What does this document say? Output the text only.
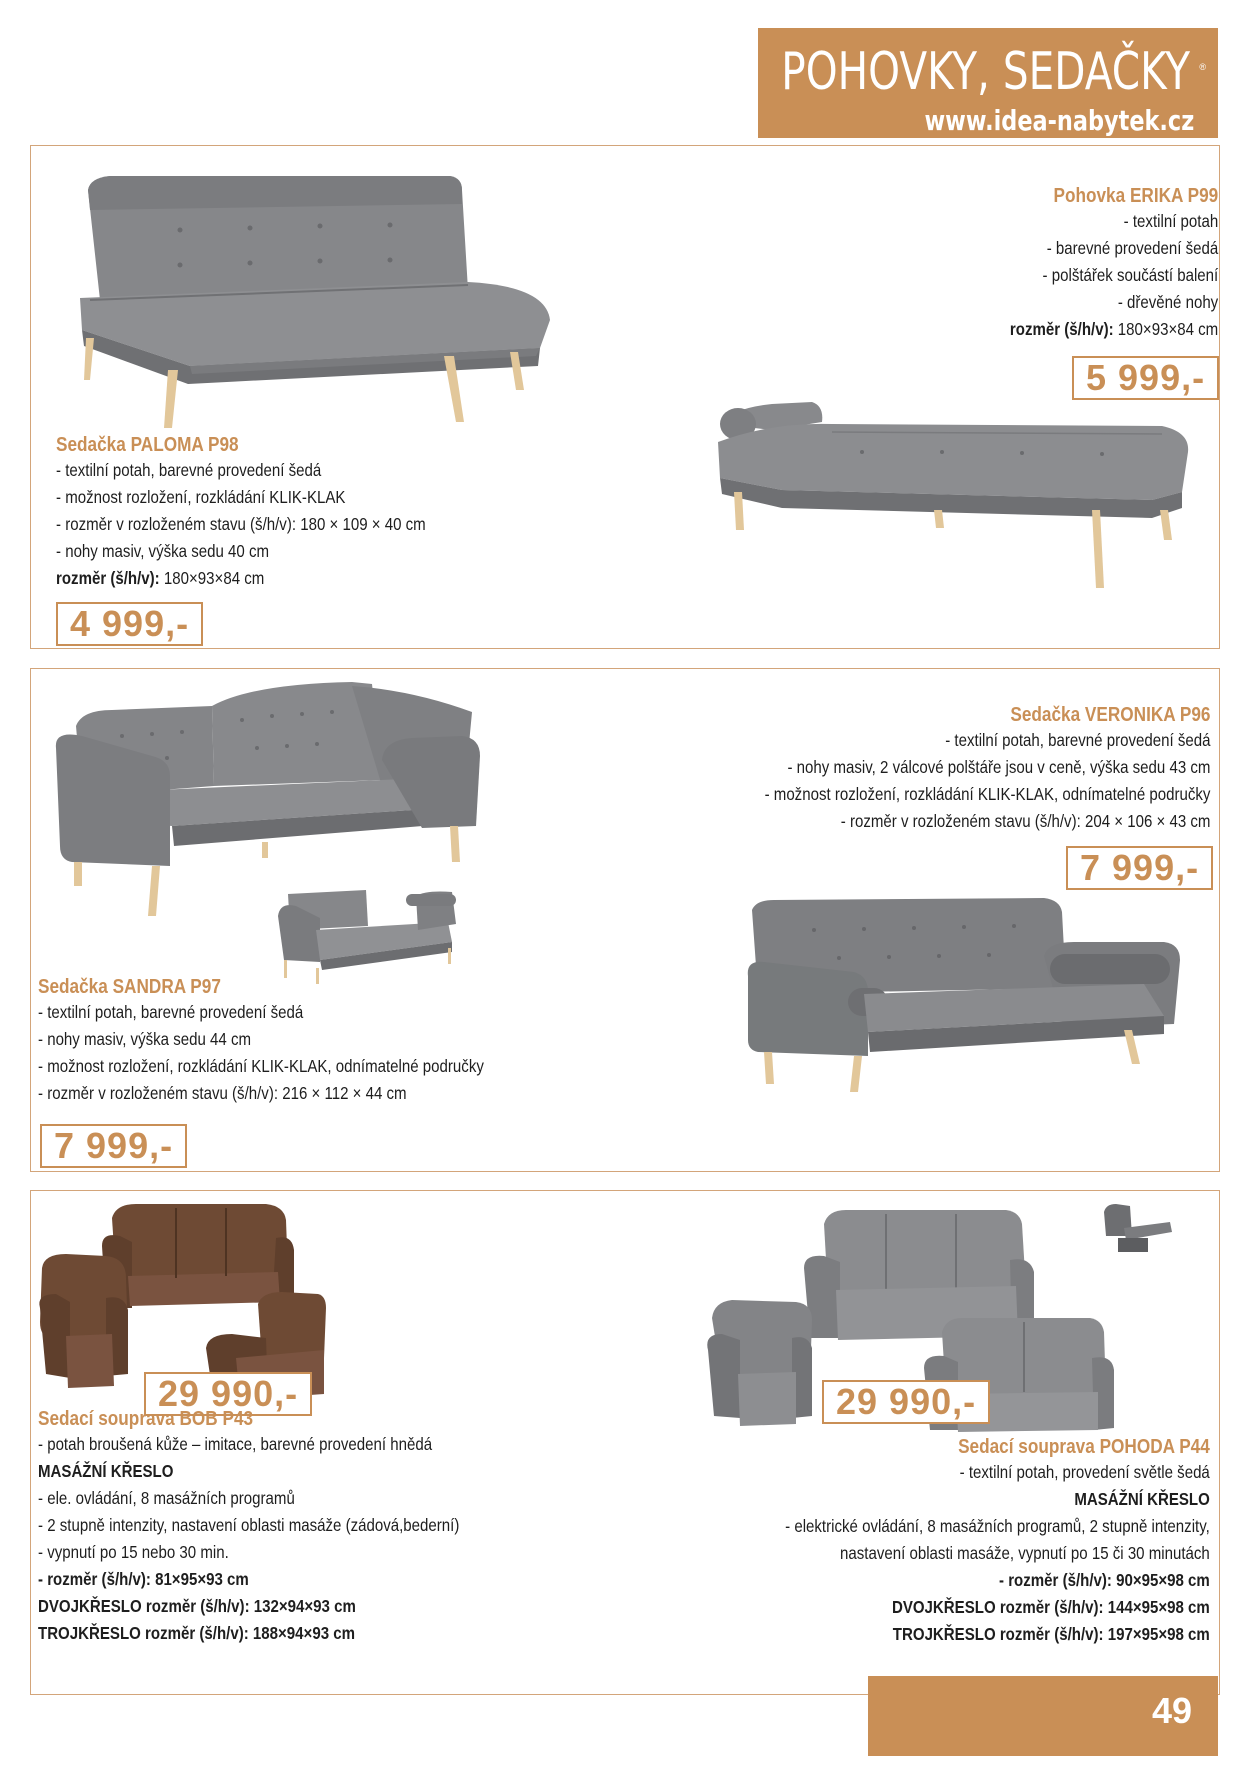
POHOVKY, SEDAČKY
www.idea-nabytek.cz
®
Pohovka ERIKA P99
- textilní potah
- barevné provedení šedá
- polštářek součástí balení
- dřevěné nohy
rozměr (š/h/v): 180×93×84 cm
5 999,-
Sedačka PALOMA P98
- textilní potah, barevné provedení šedá
- možnost rozložení, rozkládání KLIK-KLAK
- rozměr v rozloženém stavu (š/h/v): 180 × 109 × 40 cm
- nohy masiv, výška sedu 40 cm
rozměr (š/h/v): 180×93×84 cm
4 999,-
Sedačka VERONIKA P96
- textilní potah, barevné provedení šedá
- nohy masiv, 2 válcové polštáře jsou v ceně, výška sedu 43 cm
- možnost rozložení, rozkládání KLIK-KLAK, odnímatelné područky
- rozměr v rozloženém stavu (š/h/v): 204 × 106 × 43 cm
7 999,-
Sedačka SANDRA P97
- textilní potah, barevné provedení šedá
- nohy masiv, výška sedu 44 cm
- možnost rozložení, rozkládání KLIK-KLAK, odnímatelné područky
- rozměr v rozloženém stavu (š/h/v): 216 × 112 × 44 cm
7 999,-
29 990,-	29 990,-
Sedací souprava BOB P43
- potah broušená kůže – imitace, barevné provedení hnědá
MASÁŽNÍ KŘESLO
- ele. ovládání, 8 masážních programů
- 2 stupně intenzity, nastavení oblasti masáže (zádová,bederní)
- vypnutí po 15 nebo 30 min.
- rozměr (š/h/v): 81×95×93 cm
DVOJKŘESLO rozměr (š/h/v): 132×94×93 cm
TROJKŘESLO rozměr (š/h/v): 188×94×93 cm
Sedací souprava POHODA P44
- textilní potah, provedení světle šedá
MASÁŽNÍ KŘESLO
- elektrické ovládání, 8 masážních programů, 2 stupně intenzity,
nastavení oblasti masáže, vypnutí po 15 či 30 minutách
- rozměr (š/h/v): 90×95×98 cm
DVOJKŘESLO rozměr (š/h/v): 144×95×98 cm
TROJKŘESLO rozměr (š/h/v): 197×95×98 cm
49
